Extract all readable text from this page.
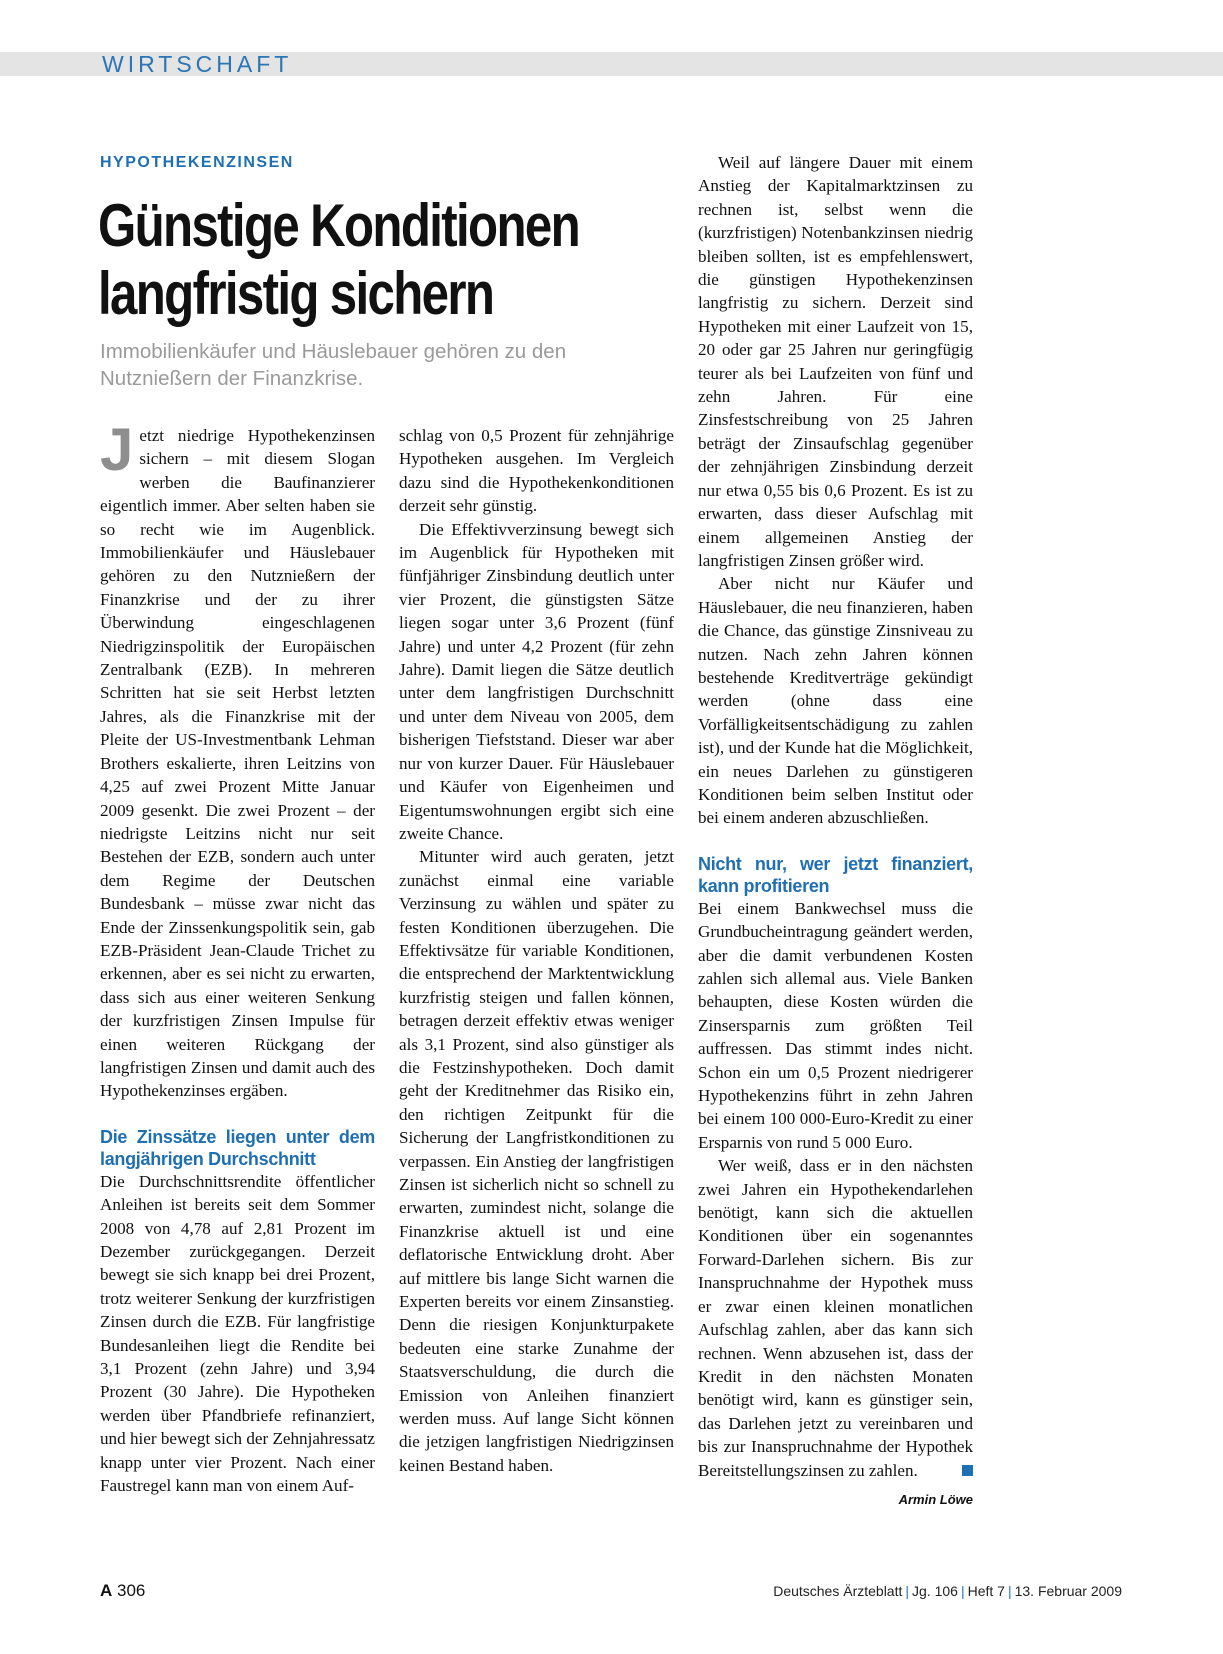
WIRTSCHAFT
HYPOTHEKENZINSEN
Günstige Konditionen
langfristig sichern
Immobilienkäufer und Häuslebauer gehören zu den
Nutznießern der Finanzkrise.

Jetzt niedrige Hypothekenzinsen sichern – mit diesem Slogan werben die Baufinanzierer eigentlich immer. Aber selten haben sie so recht wie im Augenblick. Immobilienkäufer und Häuslebauer gehören zu den Nutznießern der Finanzkrise und der zu ihrer Überwindung eingeschlagenen Niedrigzinspolitik der Europäischen Zentralbank (EZB). In mehreren Schritten hat sie seit Herbst letzten Jahres, als die Finanzkrise mit der Pleite der US-Investmentbank Lehman Brothers eskalierte, ihren Leitzins von 4,25 auf zwei Prozent Mitte Januar 2009 gesenkt. Die zwei Prozent – der niedrigste Leitzins nicht nur seit Bestehen der EZB, sondern auch unter dem Regime der Deutschen Bundesbank – müsse zwar nicht das Ende der Zinssenkungspolitik sein, gab EZB-Präsident Jean-Claude Trichet zu erkennen, aber es sei nicht zu erwarten, dass sich aus einer weiteren Senkung der kurzfristigen Zinsen Impulse für einen weiteren Rückgang der langfristigen Zinsen und damit auch des Hypothekenzinses ergäben.

Die Zinssätze liegen unter dem langjährigen Durchschnitt

Die Durchschnittsrendite öffentlicher Anleihen ist bereits seit dem Sommer 2008 von 4,78 auf 2,81 Prozent im Dezember zurückgegangen. Derzeit bewegt sie sich knapp bei drei Prozent, trotz weiterer Senkung der kurzfristigen Zinsen durch die EZB. Für langfristige Bundesanleihen liegt die Rendite bei 3,1 Prozent (zehn Jahre) und 3,94 Prozent (30 Jahre). Die Hypotheken werden über Pfandbriefe refinanziert, und hier bewegt sich der Zehnjahressatz knapp unter vier Prozent. Nach einer Faustregel kann man von einem Auf-

schlag von 0,5 Prozent für zehnjährige Hypotheken ausgehen. Im Vergleich dazu sind die Hypothekenkonditionen derzeit sehr günstig.

Die Effektivverzinsung bewegt sich im Augenblick für Hypotheken mit fünfjähriger Zinsbindung deutlich unter vier Prozent, die günstigsten Sätze liegen sogar unter 3,6 Prozent (fünf Jahre) und unter 4,2 Prozent (für zehn Jahre). Damit liegen die Sätze deutlich unter dem langfristigen Durchschnitt und unter dem Niveau von 2005, dem bisherigen Tiefststand. Dieser war aber nur von kurzer Dauer. Für Häuslebauer und Käufer von Eigenheimen und Eigentumswohnungen ergibt sich eine zweite Chance.

Mitunter wird auch geraten, jetzt zunächst einmal eine variable Verzinsung zu wählen und später zu festen Konditionen überzugehen. Die Effektivsätze für variable Konditionen, die entsprechend der Marktentwicklung kurzfristig steigen und fallen können, betragen derzeit effektiv etwas weniger als 3,1 Prozent, sind also günstiger als die Festzinshypotheken. Doch damit geht der Kreditnehmer das Risiko ein, den richtigen Zeitpunkt für die Sicherung der Langfristkonditionen zu verpassen. Ein Anstieg der langfristigen Zinsen ist sicherlich nicht so schnell zu erwarten, zumindest nicht, solange die Finanzkrise aktuell ist und eine deflatorische Entwicklung droht. Aber auf mittlere bis lange Sicht warnen die Experten bereits vor einem Zinsanstieg. Denn die riesigen Konjunkturpakete bedeuten eine starke Zunahme der Staatsverschuldung, die durch die Emission von Anleihen finanziert werden muss. Auf lange Sicht können die jetzigen langfristigen Niedrigzinsen keinen Bestand haben.

Weil auf längere Dauer mit einem Anstieg der Kapitalmarktzinsen zu rechnen ist, selbst wenn die (kurzfristigen) Notenbankzinsen niedrig bleiben sollten, ist es empfehlenswert, die günstigen Hypothekenzinsen langfristig zu sichern. Derzeit sind Hypotheken mit einer Laufzeit von 15, 20 oder gar 25 Jahren nur geringfügig teurer als bei Laufzeiten von fünf und zehn Jahren. Für eine Zinsfestschreibung von 25 Jahren beträgt der Zinsaufschlag gegenüber der zehnjährigen Zinsbindung derzeit nur etwa 0,55 bis 0,6 Prozent. Es ist zu erwarten, dass dieser Aufschlag mit einem allgemeinen Anstieg der langfristigen Zinsen größer wird.

Aber nicht nur Käufer und Häuslebauer, die neu finanzieren, haben die Chance, das günstige Zinsniveau zu nutzen. Nach zehn Jahren können bestehende Kreditverträge gekündigt werden (ohne dass eine Vorfälligkeitsentschädigung zu zahlen ist), und der Kunde hat die Möglichkeit, ein neues Darlehen zu günstigeren Konditionen beim selben Institut oder bei einem anderen abzuschließen.

Nicht nur, wer jetzt finanziert, kann profitieren

Bei einem Bankwechsel muss die Grundbucheintragung geändert werden, aber die damit verbundenen Kosten zahlen sich allemal aus. Viele Banken behaupten, diese Kosten würden die Zinsersparnis zum größten Teil auffressen. Das stimmt indes nicht. Schon ein um 0,5 Prozent niedrigerer Hypothekenzins führt in zehn Jahren bei einem 100 000-Euro-Kredit zu einer Ersparnis von rund 5 000 Euro.

Wer weiß, dass er in den nächsten zwei Jahren ein Hypothekendarlehen benötigt, kann sich die aktuellen Konditionen über ein sogenanntes Forward-Darlehen sichern. Bis zur Inanspruchnahme der Hypothek muss er zwar einen kleinen monatlichen Aufschlag zahlen, aber das kann sich rechnen. Wenn abzusehen ist, dass der Kredit in den nächsten Monaten benötigt wird, kann es günstiger sein, das Darlehen jetzt zu vereinbaren und bis zur Inanspruchnahme der Hypothek Bereitstellungszinsen zu zahlen.

Armin Löwe
A 306	Deutsches Ärzteblatt | Jg. 106 | Heft 7 | 13. Februar 2009
